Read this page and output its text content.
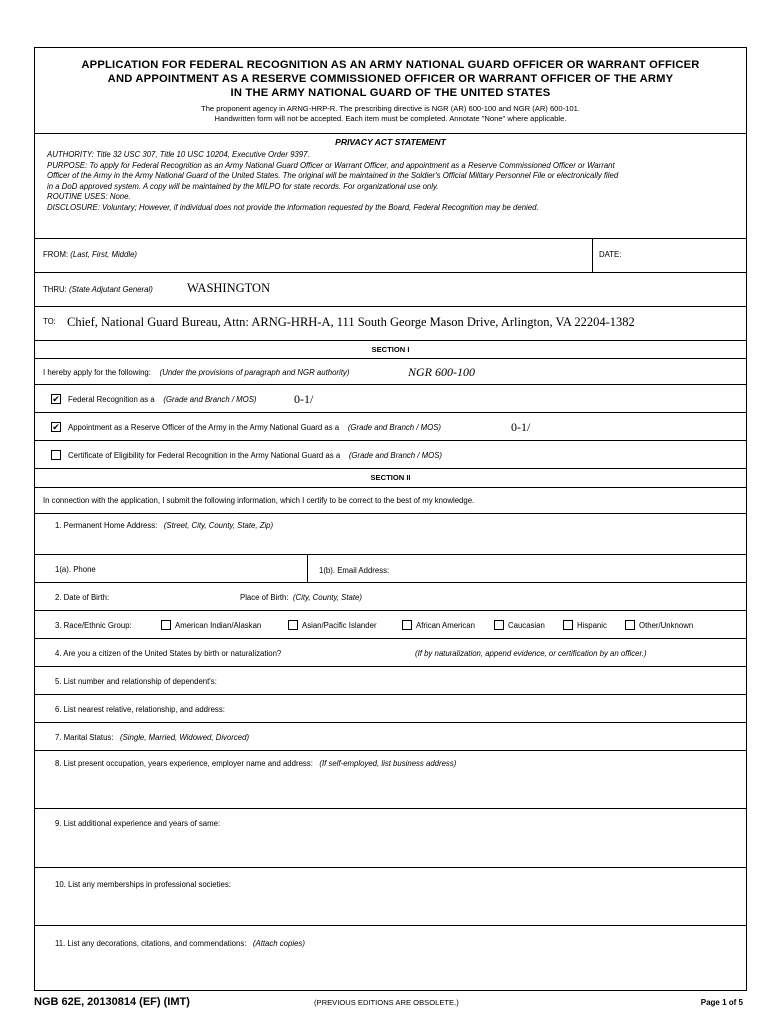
APPLICATION FOR FEDERAL RECOGNITION AS AN ARMY NATIONAL GUARD OFFICER OR WARRANT OFFICER
AND APPOINTMENT AS A RESERVE COMMISSIONED OFFICER OR WARRANT OFFICER OF THE ARMY
IN THE ARMY NATIONAL GUARD OF THE UNITED STATES
The proponent agency in ARNG-HRP-R. The prescribing directive is NGR (AR) 600-100 and NGR (AR) 600-101.
Handwritten form will not be accepted. Each item must be completed. Annotate "None" where applicable.
PRIVACY ACT STATEMENT
AUTHORITY: Title 32 USC 307, Title 10 USC 10204, Executive Order 9397.
PURPOSE: To apply for Federal Recognition as an Army National Guard Officer or Warrant Officer, and appointment as a Reserve Commissioned Officer or Warrant
Officer of the Army in the Army National Guard of the United States. The original will be maintained in the Soldier's Official Military Personnel File or electronically filed
in a DoD approved system. A copy will be maintained by the MILPO for state records. For organizational use only.
ROUTINE USES: None.
DISCLOSURE: Voluntary; However, if individual does not provide the information requested by the Board, Federal Recognition may be denied.
FROM: (Last, First, Middle)	DATE:
THRU: (State Adjutant General)	WASHINGTON
TO: Chief, National Guard Bureau, Attn: ARNG-HRH-A, 111 South George Mason Drive, Arlington, VA 22204-1382
SECTION I
I hereby apply for the following: (Under the provisions of paragraph and NGR authority)	NGR 600-100
✔ Federal Recognition as a (Grade and Branch / MOS)	0-1/
✔ Appointment as a Reserve Officer of the Army in the Army National Guard as a (Grade and Branch / MOS)	0-1/
Certificate of Eligibility for Federal Recognition in the Army National Guard as a (Grade and Branch / MOS)
SECTION II
In connection with the application, I submit the following information, which I certify to be correct to the best of my knowledge.
1. Permanent Home Address: (Street, City, County, State, Zip)
1(a). Phone	1(b). Email Address:
2. Date of Birth:	Place of Birth: (City, County, State)
3. Race/Ethnic Group:	American Indian/Alaskan	Asian/Pacific Islander	African American	Caucasian	Hispanic	Other/Unknown
4. Are you a citizen of the United States by birth or naturalization?	(If by naturalization, append evidence, or certification by an officer.)
5. List number and relationship of dependent's:
6. List nearest relative, relationship, and address:
7. Marital Status: (Single, Married, Widowed, Divorced)
8. List present occupation, years experience, employer name and address: (If self-employed, list business address)
9. List additional experience and years of same:
10. List any memberships in professional societies:
11. List any decorations, citations, and commendations: (Attach copies)
NGB 62E, 20130814 (EF) (IMT)	(PREVIOUS EDITIONS ARE OBSOLETE.)	Page 1 of 5
